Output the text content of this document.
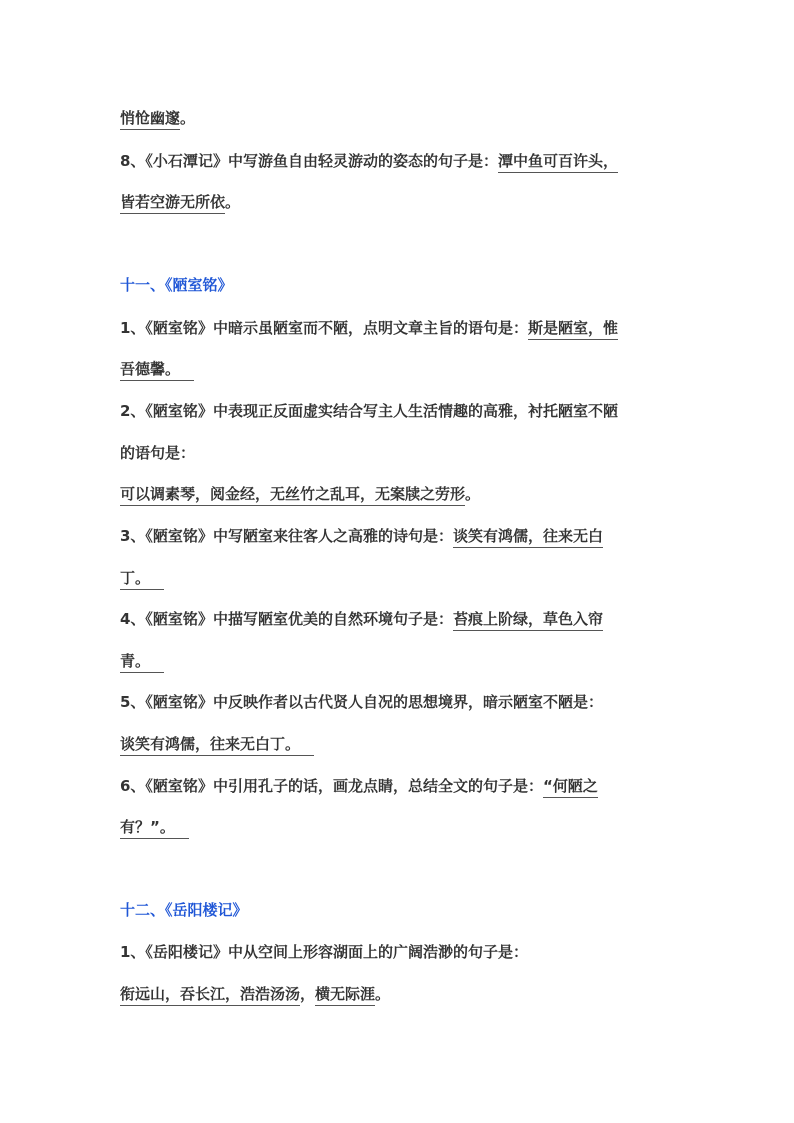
悄怆幽邃。
8、《小石潭记》中写游鱼自由轻灵游动的姿态的句子是：潭中鱼可百许头，
皆若空游无所依。
十一、《陋室铭》
1、《陋室铭》中暗示虽陋室而不陋，点明文章主旨的语句是：斯是陋室，惟
吾德馨。
2、《陋室铭》中表现正反面虚实结合写主人生活情趣的高雅，衬托陋室不陋
的语句是：
可以调素琴，阅金经，无丝竹之乱耳，无案牍之劳形。
3、《陋室铭》中写陋室来往客人之高雅的诗句是：谈笑有鸿儒，往来无白
丁。
4、《陋室铭》中描写陋室优美的自然环境句子是：苔痕上阶绿，草色入帘
青。
5、《陋室铭》中反映作者以古代贤人自况的思想境界，暗示陋室不陋是：
谈笑有鸿儒，往来无白丁。
6、《陋室铭》中引用孔子的话，画龙点睛，总结全文的句子是：“何陋之
有？”。
十二、《岳阳楼记》
1、《岳阳楼记》中从空间上形容湖面上的广阔浩渺的句子是：
衔远山，吞长江，浩浩汤汤，横无际涯。
